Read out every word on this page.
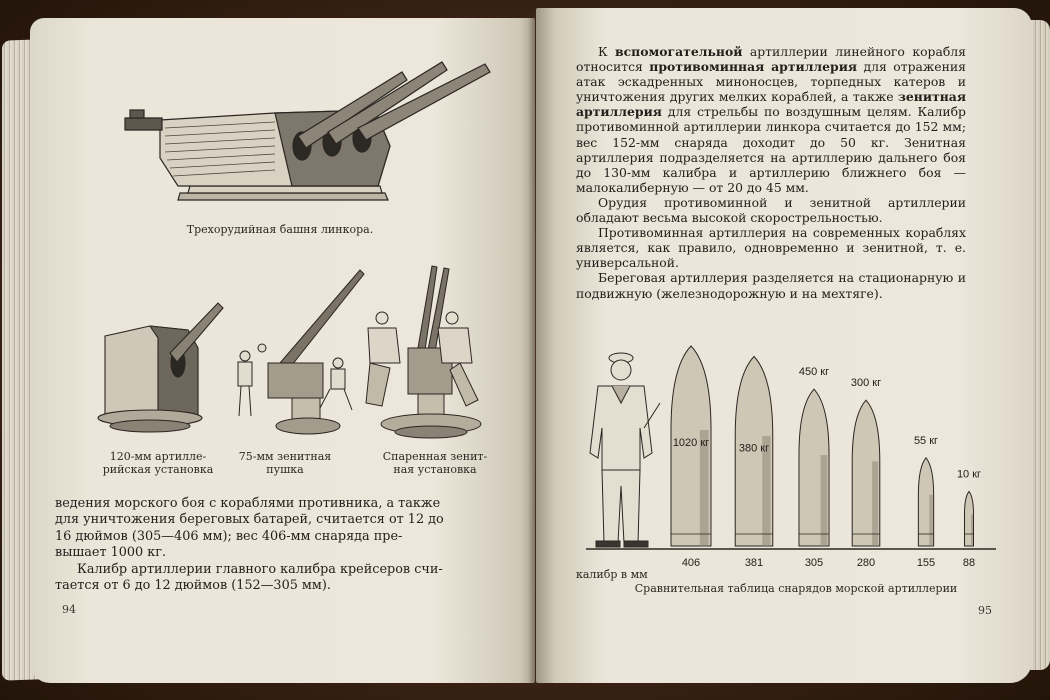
Трехорудийная башня линкора.
120-мм артилле-
рийская установка
75-мм зенитная
пушка
Спаренная зенит-
ная установка
ведения морского боя с кораблями противника, а также
для уничтожения береговых батарей, считается от 12 до
16 дюймов (305—406 мм); вес 406-мм снаряда пре-
вышает 1000 кг.
Калибр артиллерии главного калибра крейсеров счи-
тается от 6 до 12 дюймов (152—305 мм).
94

К вспомогательной артиллерии линейного корабля относится противоминная артиллерия для отражения атак эскадренных миноносцев, торпедных катеров и уничтожения других мелких кораблей, а также зенитная артиллерия для стрельбы по воздушным целям. Калибр противоминной артиллерии линкора считается до 152 мм; вес 152-мм снаряда доходит до 50 кг. Зенитная артиллерия подразделяется на артиллерию дальнего боя до 130-мм калибра и артиллерию ближнего боя — малокалиберную — от 20 до 45 мм.

Орудия противоминной и зенитной артиллерии обладают весьма высокой скорострельностью.

Противоминная артиллерия на современных кораблях является, как правило, одновременно и зенитной, т. е. универсальной.

Береговая артиллерия разделяется на стационарную и подвижную (железнодорожную и на мехтяге).

1020 кг
406
380 кг
381
450 кг
305
300 кг
280
55 кг
155
10 кг
88
калибр в мм
Сравнительная таблица снарядов морской артиллерии
95
